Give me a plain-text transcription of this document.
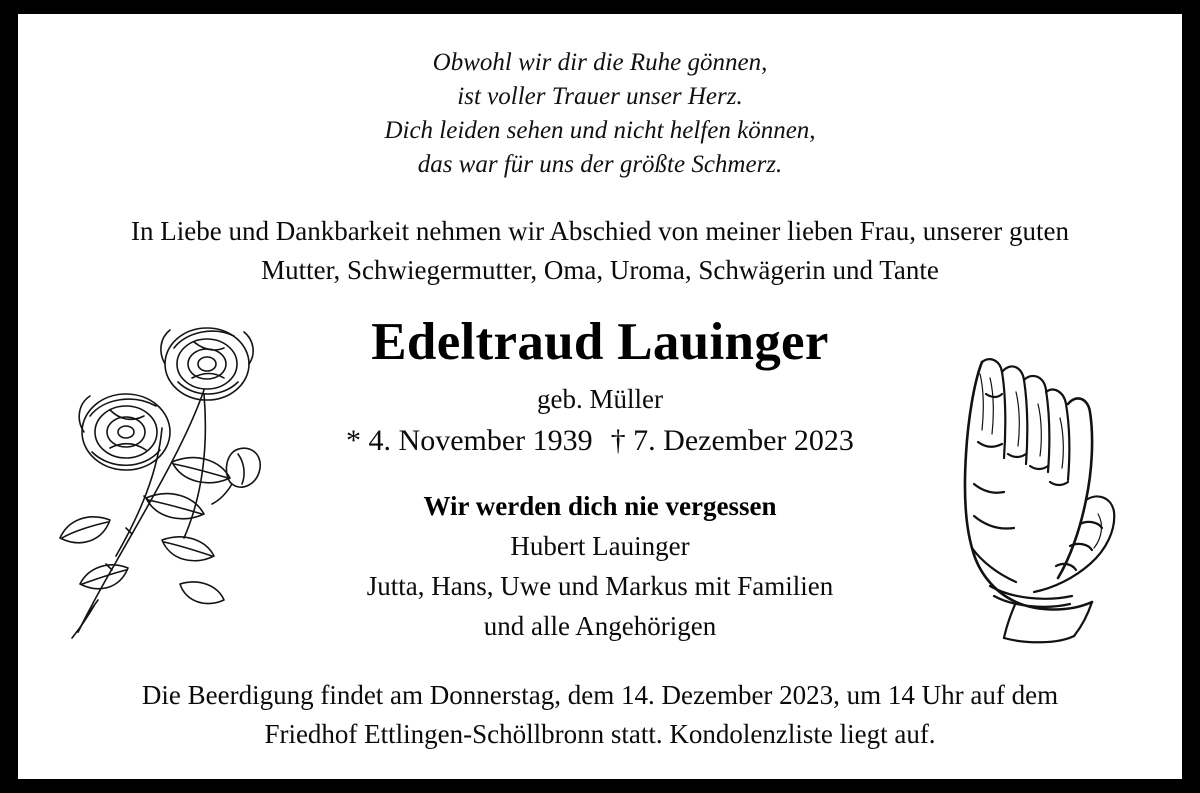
Obwohl wir dir die Ruhe gönnen,
ist voller Trauer unser Herz.
Dich leiden sehen und nicht helfen können,
das war für uns der größte Schmerz.
In Liebe und Dankbarkeit nehmen wir Abschied von meiner lieben Frau, unserer guten
Mutter, Schwiegermutter, Oma, Uroma, Schwägerin und Tante
Edeltraud Lauinger
geb. Müller
* 4. November 1939 † 7. Dezember 2023
Wir werden dich nie vergessen
Hubert Lauinger
Jutta, Hans, Uwe und Markus mit Familien
und alle Angehörigen
Die Beerdigung findet am Donnerstag, dem 14. Dezember 2023, um 14 Uhr auf dem
Friedhof Ettlingen-Schöllbronn statt. Kondolenzliste liegt auf.
